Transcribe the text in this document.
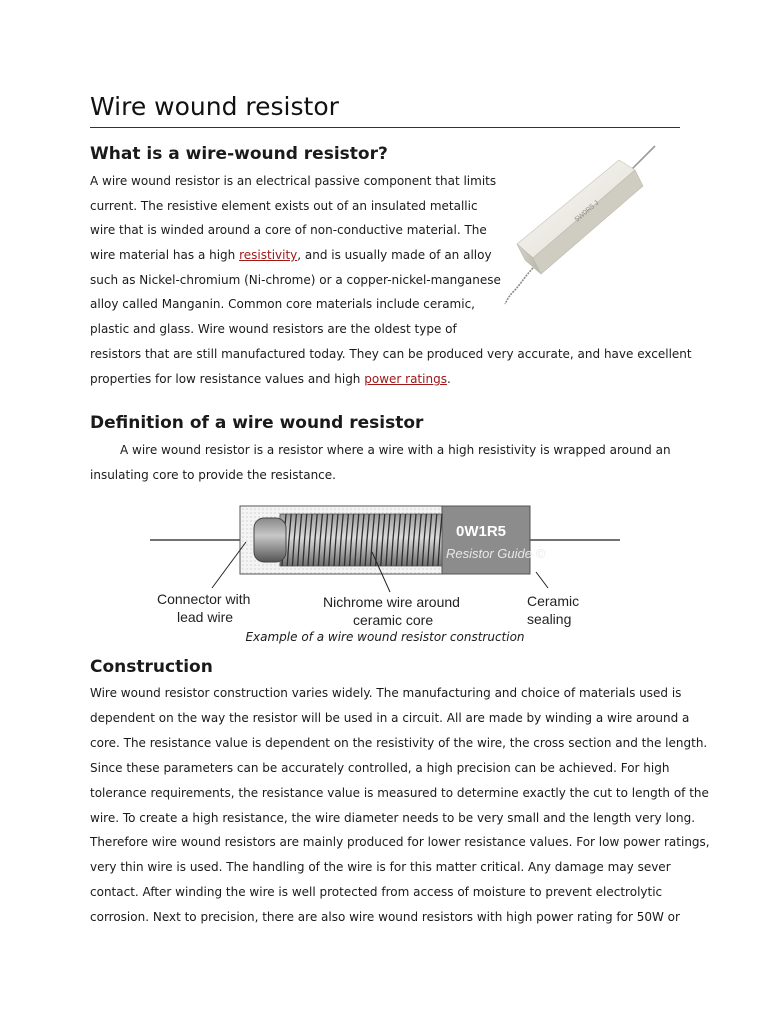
Wire wound resistor
What is a wire-wound resistor?

A wire wound resistor is an electrical passive component that limits

current. The resistive element exists out of an insulated metallic

wire that is winded around a core of non-conductive material. The

wire material has a high resistivity, and is usually made of an alloy

such as Nickel-chromium (Ni-chrome) or a copper-nickel-manganese

alloy called Manganin. Common core materials include ceramic,

plastic and glass. Wire wound resistors are the oldest type of

resistors that are still manufactured today. They can be produced very accurate, and have excellent

properties for low resistance values and high power ratings.

Definition of a wire wound resistor

A wire wound resistor is a resistor where a wire with a high resistivity is wrapped around an

insulating core to provide the resistance.

Example of a wire wound resistor construction

Construction

Wire wound resistor construction varies widely. The manufacturing and choice of materials used is

dependent on the way the resistor will be used in a circuit. All are made by winding a wire around a

core. The resistance value is dependent on the resistivity of the wire, the cross section and the length.

Since these parameters can be accurately controlled, a high precision can be achieved. For high

tolerance requirements, the resistance value is measured to determine exactly the cut to length of the

wire. To create a high resistance, the wire diameter needs to be very small and the length very long.

Therefore wire wound resistors are mainly produced for lower resistance values. For low power ratings,

very thin wire is used. The handling of the wire is for this matter critical. Any damage may sever

contact. After winding the wire is well protected from access of moisture to prevent electrolytic

corrosion. Next to precision, there are also wire wound resistors with high power rating for 50W or

5W0R5 J
0W1R5
Resistor Guide ©
Connector with
lead wire
Nichrome wire around
ceramic core
Ceramic
sealing
